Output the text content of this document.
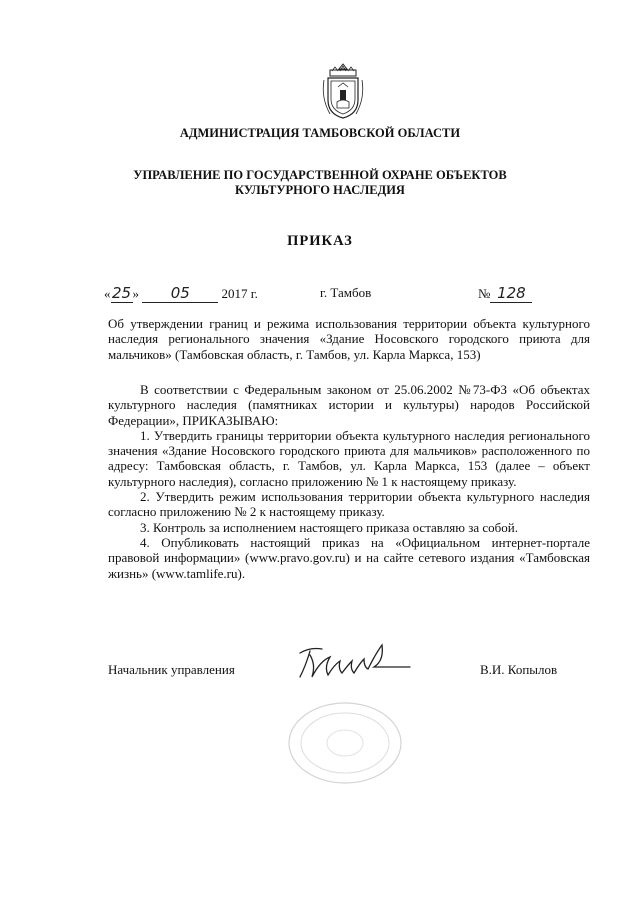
АДМИНИСТРАЦИЯ ТАМБОВСКОЙ ОБЛАСТИ
УПРАВЛЕНИЕ ПО ГОСУДАРСТВЕННОЙ ОХРАНЕ ОБЪЕКТОВ
КУЛЬТУРНОГО НАСЛЕДИЯ
ПРИКАЗ
«25» 05 2017 г.	г. Тамбов	№ 128
Об утверждении границ и режима использования территории объекта культурного наследия регионального значения «Здание Носовского городского приюта для мальчиков» (Тамбовская область, г. Тамбов, ул. Карла Маркса, 153)

В соответствии с Федеральным законом от 25.06.2002 №73-ФЗ «Об объектах культурного наследия (памятниках истории и культуры) народов Российской Федерации», ПРИКАЗЫВАЮ:

1. Утвердить границы территории объекта культурного наследия регионального значения «Здание Носовского городского приюта для мальчиков» расположенного по адресу: Тамбовская область, г. Тамбов, ул. Карла Маркса, 153 (далее – объект культурного наследия), согласно приложению № 1 к настоящему приказу.

2. Утвердить режим использования территории объекта культурного наследия согласно приложению № 2 к настоящему приказу.

3. Контроль за исполнением настоящего приказа оставляю за собой.

4. Опубликовать настоящий приказ на «Официальном интернет-портале правовой информации» (www.pravo.gov.ru) и на сайте сетевого издания «Тамбовская жизнь» (www.tamlife.ru).

Начальник управления	В.И. Копылов
